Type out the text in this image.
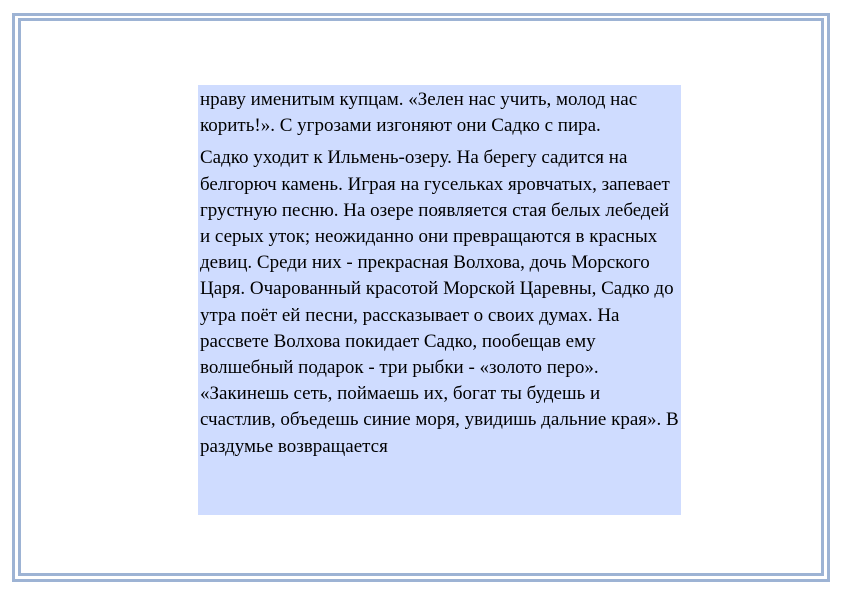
нраву именитым купцам. «Зелен нас учить, молод нас корить!». С угрозами изгоняют они Садко с пира.

Садко уходит к Ильмень-озеру. На берегу садится на белгорюч камень. Играя на гусельках яровчатых, запевает грустную песню. На озере появляется стая белых лебедей и серых уток; неожиданно они превращаются в красных девиц. Среди них - прекрасная Волхова, дочь Морского Царя. Очарованный красотой Морской Царевны, Садко до утра поёт ей песни, рассказывает о своих думах. На рассвете Волхова покидает Садко, пообещав ему волшебный подарок - три рыбки - «золото перо». «Закинешь сеть, поймаешь их, богат ты будешь и счастлив, объедешь синие моря, увидишь дальние края». В раздумье возвращается
